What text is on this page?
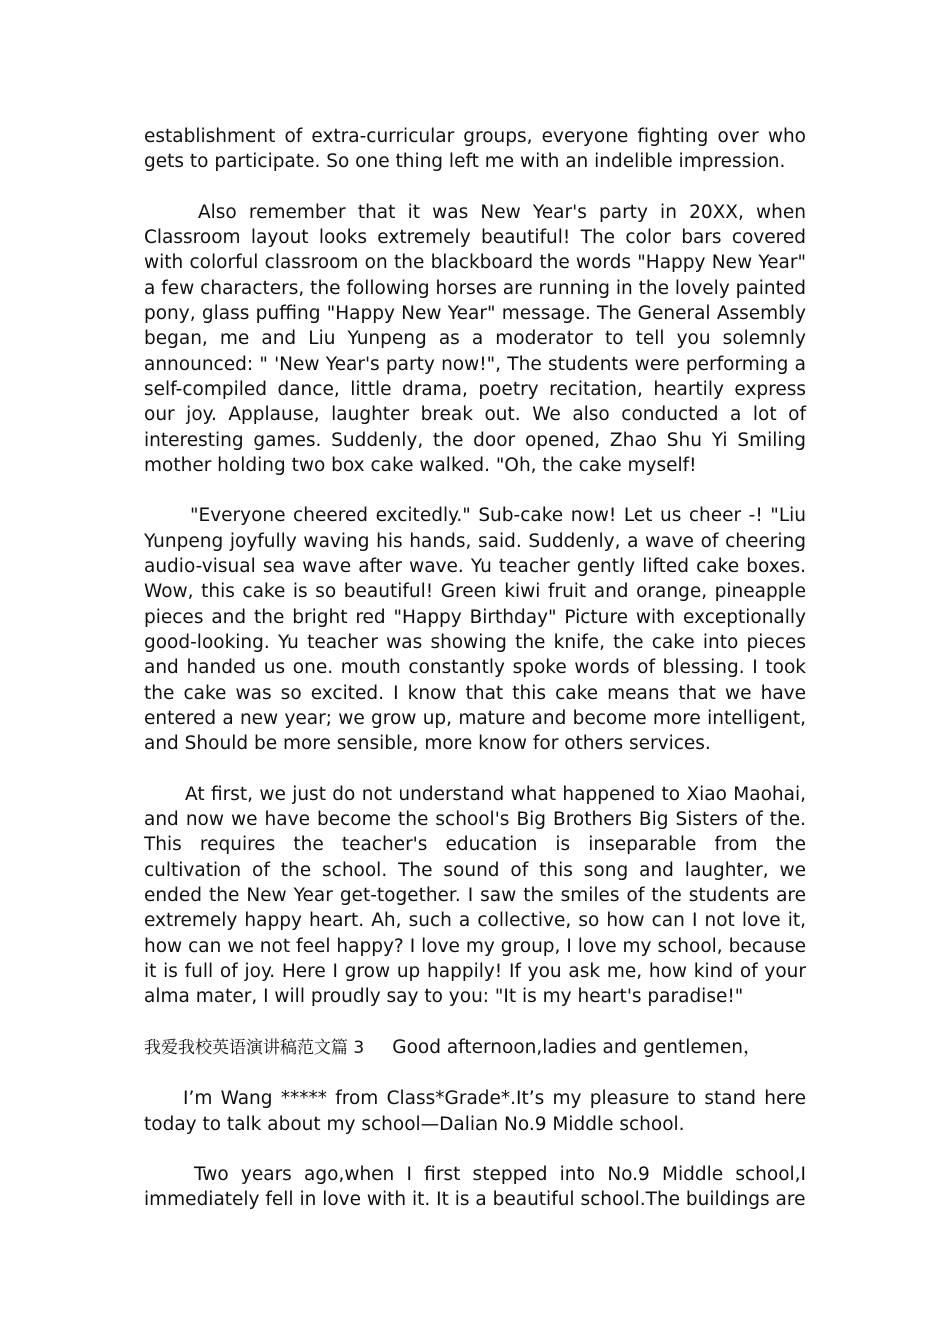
establishment of extra-curricular groups, everyone fighting over who gets to participate. So one thing left me with an indelible impression.

Also remember that it was New Year's party in 20XX, when Classroom layout looks extremely beautiful! The color bars covered with colorful classroom on the blackboard the words "Happy New Year" a few characters, the following horses are running in the lovely painted pony, glass puffing "Happy New Year" message. The General Assembly began, me and Liu Yunpeng as a moderator to tell you solemnly announced: " 'New Year's party now!", The students were performing a self-compiled dance, little drama, poetry recitation, heartily express our joy. Applause, laughter break out. We also conducted a lot of interesting games. Suddenly, the door opened, Zhao Shu Yi Smiling mother holding two box cake walked. "Oh, the cake myself!

"Everyone cheered excitedly." Sub-cake now! Let us cheer -! "Liu Yunpeng joyfully waving his hands, said. Suddenly, a wave of cheering audio-visual sea wave after wave. Yu teacher gently lifted cake boxes. Wow, this cake is so beautiful! Green kiwi fruit and orange, pineapple pieces and the bright red "Happy Birthday" Picture with exceptionally good-looking. Yu teacher was showing the knife, the cake into pieces and handed us one. mouth constantly spoke words of blessing. I took the cake was so excited. I know that this cake means that we have entered a new year; we grow up, mature and become more intelligent, and Should be more sensible, more know for others services.

At first, we just do not understand what happened to Xiao Maohai, and now we have become the school's Big Brothers Big Sisters of the. This requires the teacher's education is inseparable from the cultivation of the school. The sound of this song and laughter, we ended the New Year get-together. I saw the smiles of the students are extremely happy heart. Ah, such a collective, so how can I not love it, how can we not feel happy? I love my group, I love my school, because it is full of joy. Here I grow up happily! If you ask me, how kind of your alma mater, I will proudly say to you: "It is my heart's paradise!"

我爱我校英语演讲稿范文篇 3 Good afternoon,ladies and gentlemen，

I’m Wang ***** from Class*Grade*.It’s my pleasure to stand here today to talk about my school—Dalian No.9 Middle school.

Two years ago,when I first stepped into No.9 Middle school,I immediately fell in love with it. It is a beautiful school.The buildings are
